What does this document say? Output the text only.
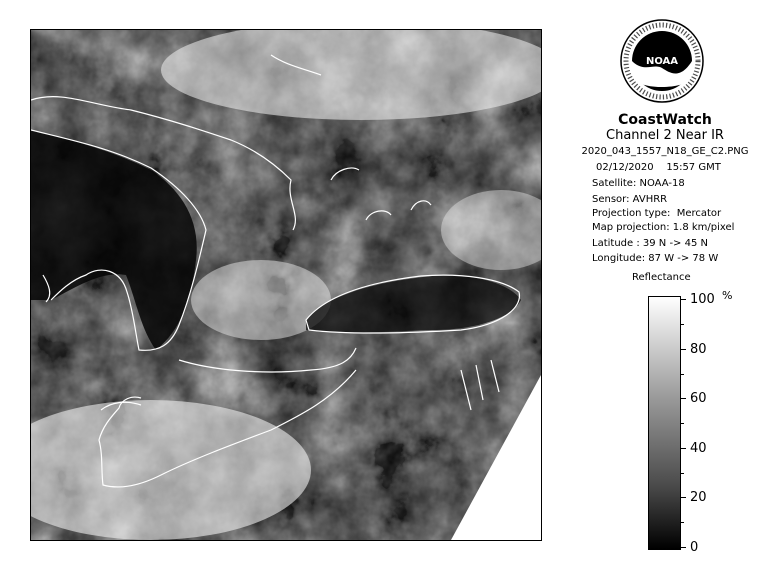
NOAA
CoastWatch
Channel 2 Near IR
2020_043_1557_N18_GE_C2.PNG
02/12/2020    15:57 GMT
Satellite: NOAA-18
Sensor: AVHRR
Projection type:  Mercator
Map projection: 1.8 km/pixel
Latitude : 39 N -> 45 N
Longitude: 87 W -> 78 W
Reflectance
%
100
80
60
40
20
0
